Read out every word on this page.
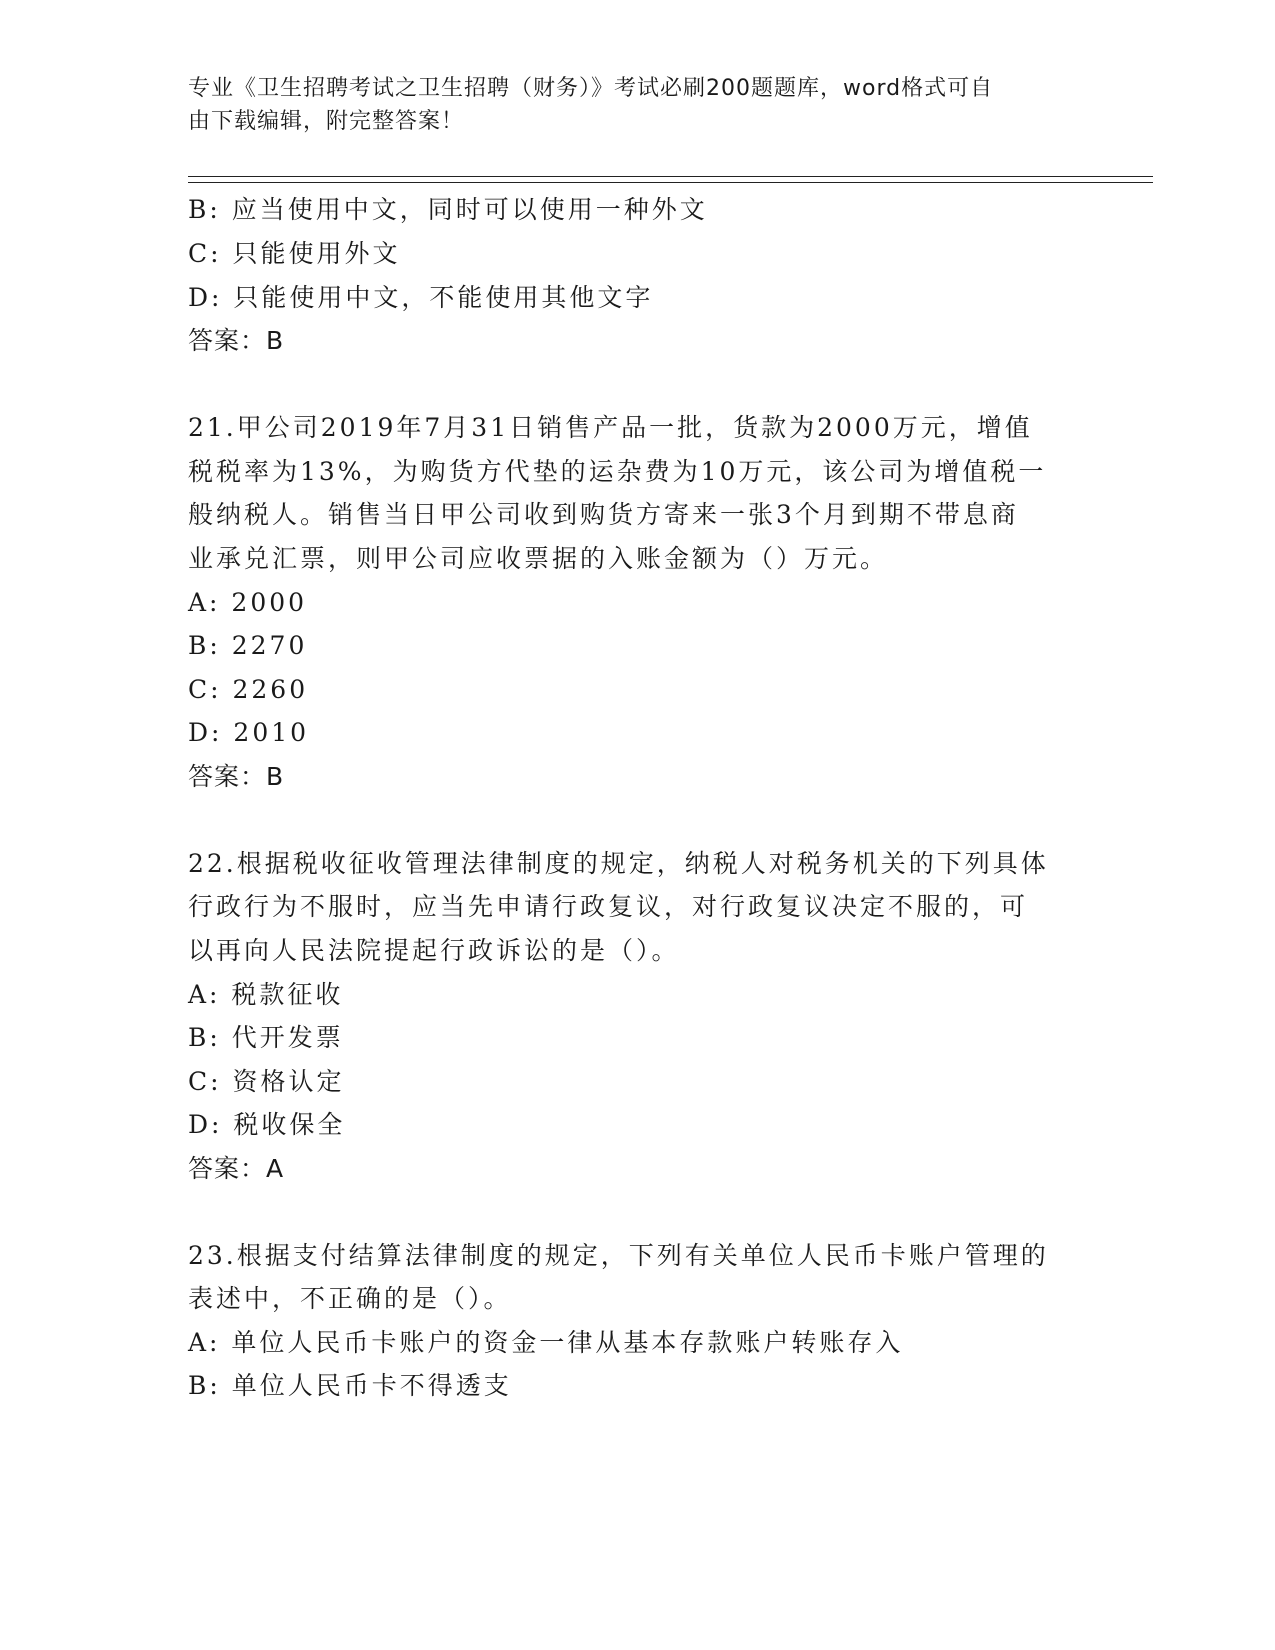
专业《卫生招聘考试之卫生招聘（财务）》考试必刷200题题库，word格式可自

由下载编辑，附完整答案！

B: 应当使用中文，同时可以使用一种外文

C: 只能使用外文

D: 只能使用中文，不能使用其他文字

答案：B

21.甲公司2019年7月31日销售产品一批，货款为2000万元，增值

税税率为13%，为购货方代垫的运杂费为10万元，该公司为增值税一

般纳税人。销售当日甲公司收到购货方寄来一张3个月到期不带息商

业承兑汇票，则甲公司应收票据的入账金额为（）万元。

A: 2000

B: 2270

C: 2260

D: 2010

答案：B

22.根据税收征收管理法律制度的规定，纳税人对税务机关的下列具体

行政行为不服时，应当先申请行政复议，对行政复议决定不服的，可

以再向人民法院提起行政诉讼的是（）。

A: 税款征收

B: 代开发票

C: 资格认定

D: 税收保全

答案：A

23.根据支付结算法律制度的规定，下列有关单位人民币卡账户管理的

表述中，不正确的是（）。

A: 单位人民币卡账户的资金一律从基本存款账户转账存入

B: 单位人民币卡不得透支
